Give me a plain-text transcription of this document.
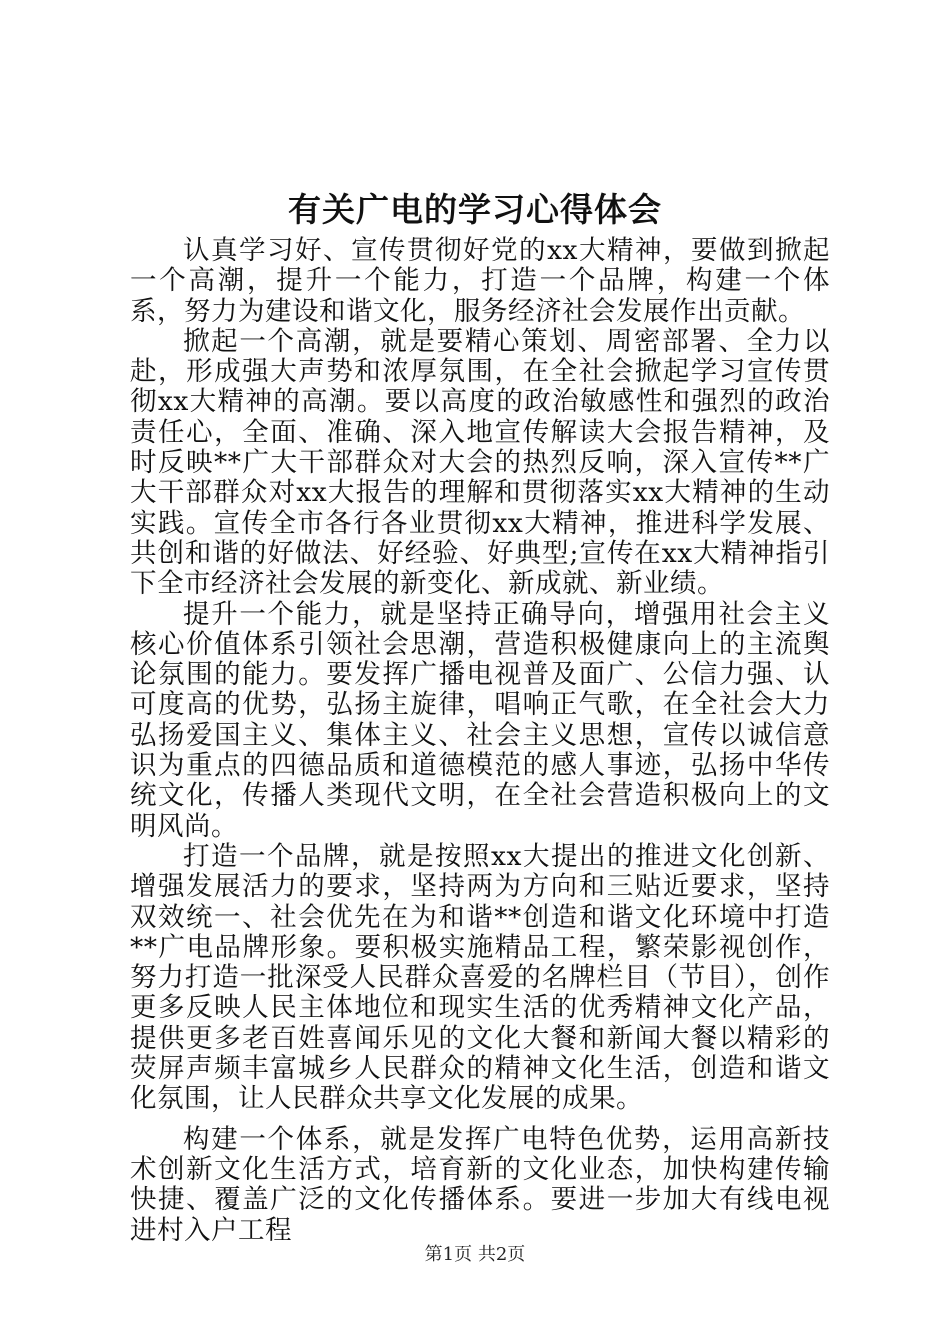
有关广电的学习心得体会

认真学习好、宣传贯彻好党的xx大精神，要做到掀起一个高潮，提升一个能力，打造一个品牌，构建一个体系，努力为建设和谐文化，服务经济社会发展作出贡献。

掀起一个高潮，就是要精心策划、周密部署、全力以赴，形成强大声势和浓厚氛围，在全社会掀起学习宣传贯彻xx大精神的高潮。要以高度的政治敏感性和强烈的政治责任心，全面、准确、深入地宣传解读大会报告精神，及时反映**广大干部群众对大会的热烈反响，深入宣传**广大干部群众对xx大报告的理解和贯彻落实xx大精神的生动实践。宣传全市各行各业贯彻xx大精神，推进科学发展、共创和谐的好做法、好经验、好典型;宣传在xx大精神指引下全市经济社会发展的新变化、新成就、新业绩。

提升一个能力，就是坚持正确导向，增强用社会主义核心价值体系引领社会思潮，营造积极健康向上的主流舆论氛围的能力。要发挥广播电视普及面广、公信力强、认可度高的优势，弘扬主旋律，唱响正气歌，在全社会大力弘扬爱国主义、集体主义、社会主义思想，宣传以诚信意识为重点的四德品质和道德模范的感人事迹，弘扬中华传统文化，传播人类现代文明，在全社会营造积极向上的文明风尚。

打造一个品牌，就是按照xx大提出的推进文化创新、增强发展活力的要求，坚持两为方向和三贴近要求，坚持双效统一、社会优先在为和谐**创造和谐文化环境中打造**广电品牌形象。要积极实施精品工程，繁荣影视创作，努力打造一批深受人民群众喜爱的名牌栏目（节目），创作更多反映人民主体地位和现实生活的优秀精神文化产品，提供更多老百姓喜闻乐见的文化大餐和新闻大餐以精彩的荧屏声频丰富城乡人民群众的精神文化生活，创造和谐文化氛围，让人民群众共享文化发展的成果。

构建一个体系，就是发挥广电特色优势，运用高新技术创新文化生活方式，培育新的文化业态，加快构建传输快捷、覆盖广泛的文化传播体系。要进一步加大有线电视进村入户工程

第1页 共2页
